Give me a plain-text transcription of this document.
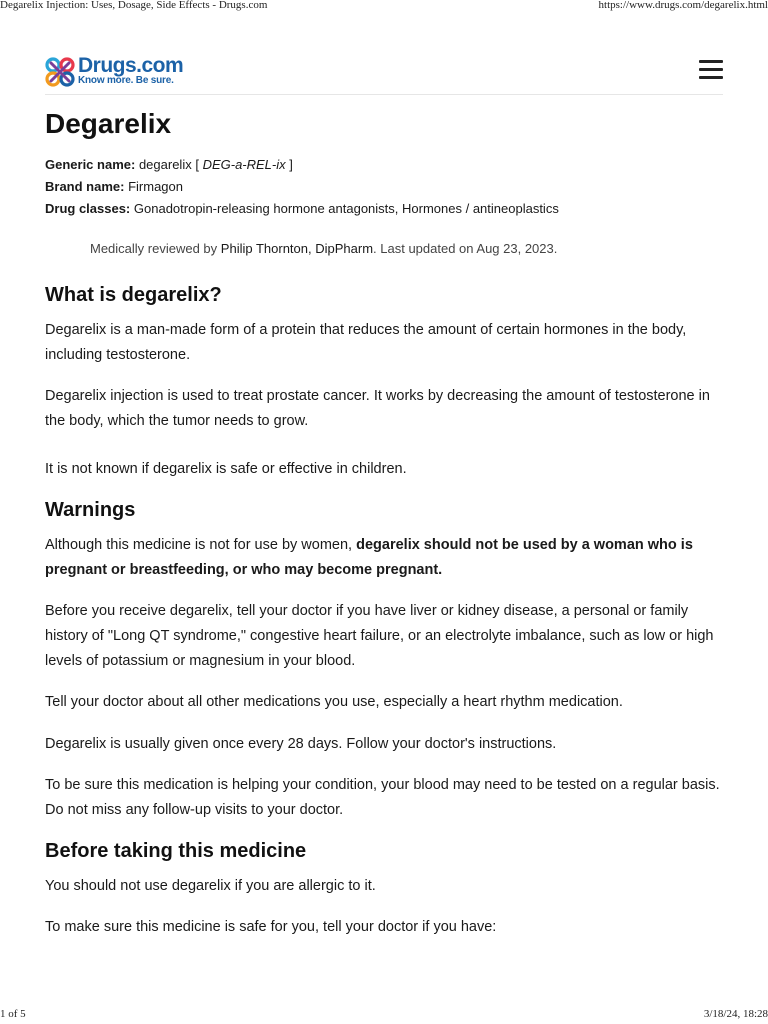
Degarelix Injection: Uses, Dosage, Side Effects - Drugs.com	https://www.drugs.com/degarelix.html
Drugs.com
Know more. Be sure.
Degarelix
Generic name: degarelix [ DEG-a-REL-ix ]
Brand name: Firmagon
Drug classes: Gonadotropin-releasing hormone antagonists, Hormones / antineoplastics
Medically reviewed by Philip Thornton, DipPharm. Last updated on Aug 23, 2023.
What is degarelix?

Degarelix is a man-made form of a protein that reduces the amount of certain hormones in the body, including testosterone.

Degarelix injection is used to treat prostate cancer. It works by decreasing the amount of testosterone in the body, which the tumor needs to grow.

It is not known if degarelix is safe or effective in children.

Warnings

Although this medicine is not for use by women, degarelix should not be used by a woman who is pregnant or breastfeeding, or who may become pregnant.

Before you receive degarelix, tell your doctor if you have liver or kidney disease, a personal or family history of "Long QT syndrome," congestive heart failure, or an electrolyte imbalance, such as low or high levels of potassium or magnesium in your blood.

Tell your doctor about all other medications you use, especially a heart rhythm medication.

Degarelix is usually given once every 28 days. Follow your doctor's instructions.

To be sure this medication is helping your condition, your blood may need to be tested on a regular basis. Do not miss any follow-up visits to your doctor.

Before taking this medicine

You should not use degarelix if you are allergic to it.

To make sure this medicine is safe for you, tell your doctor if you have:

1 of 5	3/18/24, 18:28
